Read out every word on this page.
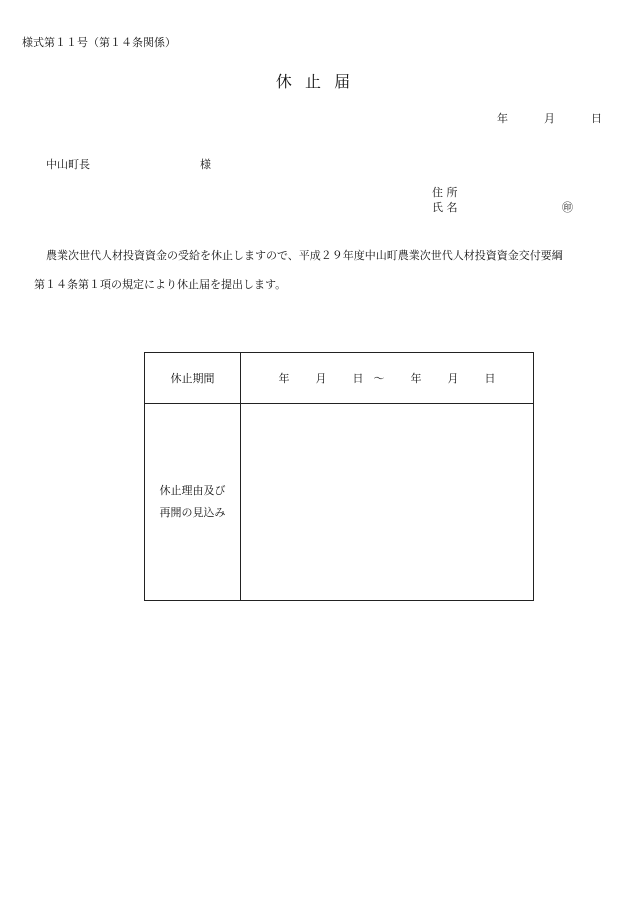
様式第１１号（第１４条関係）
休 止 届
年	月	日
中山町長	様
住 所
氏 名	㊞
農業次世代人材投資資金の受給を休止しますので、平成２９年度中山町農業次世代人材投資資金交付要綱
第１４条第１項の規定により休止届を提出します。
休止期間	年 月 日 ～ 年 月 日
休止理由及び
再開の見込み
